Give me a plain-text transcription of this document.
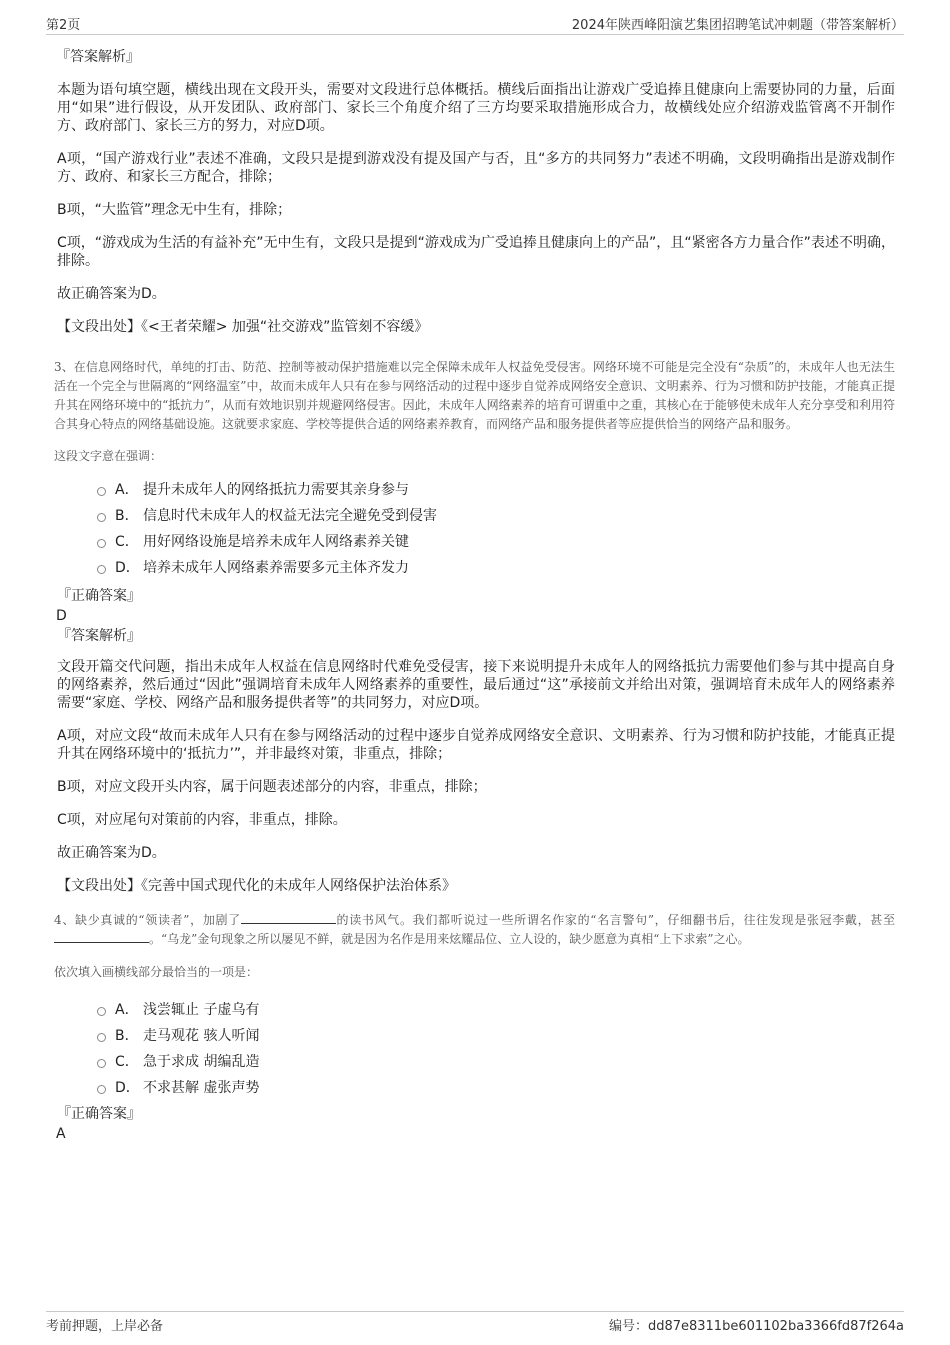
第2页	2024年陕西峰阳演艺集团招聘笔试冲刺题（带答案解析）
『答案解析』

本题为语句填空题，横线出现在文段开头，需要对文段进行总体概括。横线后面指出让游戏广受追捧且健康向上需要协同的力量，后面用“如果”进行假设，从开发团队、政府部门、家长三个角度介绍了三方均要采取措施形成合力，故横线处应介绍游戏监管离不开制作方、政府部门、家长三方的努力，对应D项。

A项，“国产游戏行业”表述不准确，文段只是提到游戏没有提及国产与否，且“多方的共同努力”表述不明确，文段明确指出是游戏制作方、政府、和家长三方配合，排除；

B项，“大监管”理念无中生有，排除；

C项，“游戏成为生活的有益补充”无中生有，文段只是提到“游戏成为广受追捧且健康向上的产品”，且“紧密各方力量合作”表述不明确，排除。

故正确答案为D。

【文段出处】《<王者荣耀> 加强“社交游戏”监管刻不容缓》
3、在信息网络时代，单纯的打击、防范、控制等被动保护措施难以完全保障未成年人权益免受侵害。网络环境不可能是完全没有“杂质”的，未成年人也无法生活在一个完全与世隔离的“网络温室”中，故而未成年人只有在参与网络活动的过程中逐步自觉养成网络安全意识、文明素养、行为习惯和防护技能，才能真正提升其在网络环境中的“抵抗力”，从而有效地识别并规避网络侵害。因此，未成年人网络素养的培育可谓重中之重，其核心在于能够使未成年人充分享受和利用符合其身心特点的网络基础设施。这就要求家庭、学校等提供合适的网络素养教育，而网络产品和服务提供者等应提供恰当的网络产品和服务。
这段文字意在强调：
A． 提升未成年人的网络抵抗力需要其亲身参与
B． 信息时代未成年人的权益无法完全避免受到侵害
C． 用好网络设施是培养未成年人网络素养关键
D． 培养未成年人网络素养需要多元主体齐发力
『正确答案』
D
『答案解析』

文段开篇交代问题，指出未成年人权益在信息网络时代难免受侵害，接下来说明提升未成年人的网络抵抗力需要他们参与其中提高自身的网络素养，然后通过“因此”强调培育未成年人网络素养的重要性，最后通过“这”承接前文并给出对策，强调培育未成年人的网络素养需要“家庭、学校、网络产品和服务提供者等”的共同努力，对应D项。

A项，对应文段“故而未成年人只有在参与网络活动的过程中逐步自觉养成网络安全意识、文明素养、行为习惯和防护技能，才能真正提升其在网络环境中的‘抵抗力’”，并非最终对策，非重点，排除；

B项，对应文段开头内容，属于问题表述部分的内容，非重点，排除；

C项，对应尾句对策前的内容，非重点，排除。

故正确答案为D。

【文段出处】《完善中国式现代化的未成年人网络保护法治体系》
4、缺少真诚的“领读者”，加剧了	的读书风气。我们都听说过一些所谓名作家的“名言警句”，仔细翻书后，往往发现是张冠李戴，甚至。“乌龙”金句现象之所以屡见不鲜，就是因为名作是用来炫耀品位、立人设的，缺少愿意为真相“上下求索”之心。
依次填入画横线部分最恰当的一项是：
A． 浅尝辄止 子虚乌有
B． 走马观花 骇人听闻
C． 急于求成 胡编乱造
D． 不求甚解 虚张声势
『正确答案』
A
考前押题，上岸必备	编号：dd87e8311be601102ba3366fd87f264a
